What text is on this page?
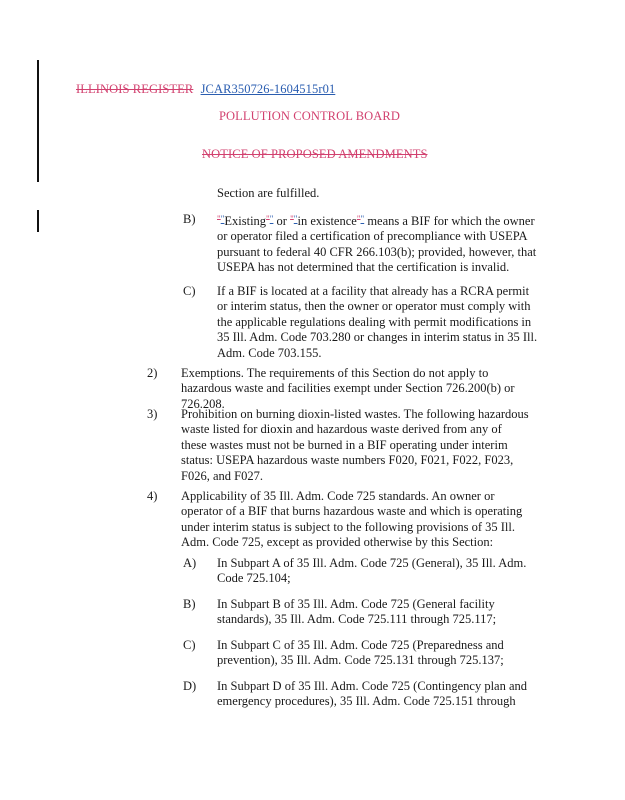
ILLINOIS REGISTER JCAR350726-1604515r01
POLLUTION CONTROL BOARD
NOTICE OF PROPOSED AMENDMENTS
Section are fulfilled.
B) ""Existing"" or ""in existence"" means a BIF for which the owner or operator filed a certification of precompliance with USEPA pursuant to federal 40 CFR 266.103(b); provided, however, that USEPA has not determined that the certification is invalid.
C) If a BIF is located at a facility that already has a RCRA permit or interim status, then the owner or operator must comply with the applicable regulations dealing with permit modifications in 35 Ill. Adm. Code 703.280 or changes in interim status in 35 Ill. Adm. Code 703.155.
2) Exemptions. The requirements of this Section do not apply to hazardous waste and facilities exempt under Section 726.200(b) or 726.208.
3) Prohibition on burning dioxin-listed wastes. The following hazardous waste listed for dioxin and hazardous waste derived from any of these wastes must not be burned in a BIF operating under interim status: USEPA hazardous waste numbers F020, F021, F022, F023, F026, and F027.
4) Applicability of 35 Ill. Adm. Code 725 standards. An owner or operator of a BIF that burns hazardous waste and which is operating under interim status is subject to the following provisions of 35 Ill. Adm. Code 725, except as provided otherwise by this Section:
A) In Subpart A of 35 Ill. Adm. Code 725 (General), 35 Ill. Adm. Code 725.104;
B) In Subpart B of 35 Ill. Adm. Code 725 (General facility standards), 35 Ill. Adm. Code 725.111 through 725.117;
C) In Subpart C of 35 Ill. Adm. Code 725 (Preparedness and prevention), 35 Ill. Adm. Code 725.131 through 725.137;
D) In Subpart D of 35 Ill. Adm. Code 725 (Contingency plan and emergency procedures), 35 Ill. Adm. Code 725.151 through
